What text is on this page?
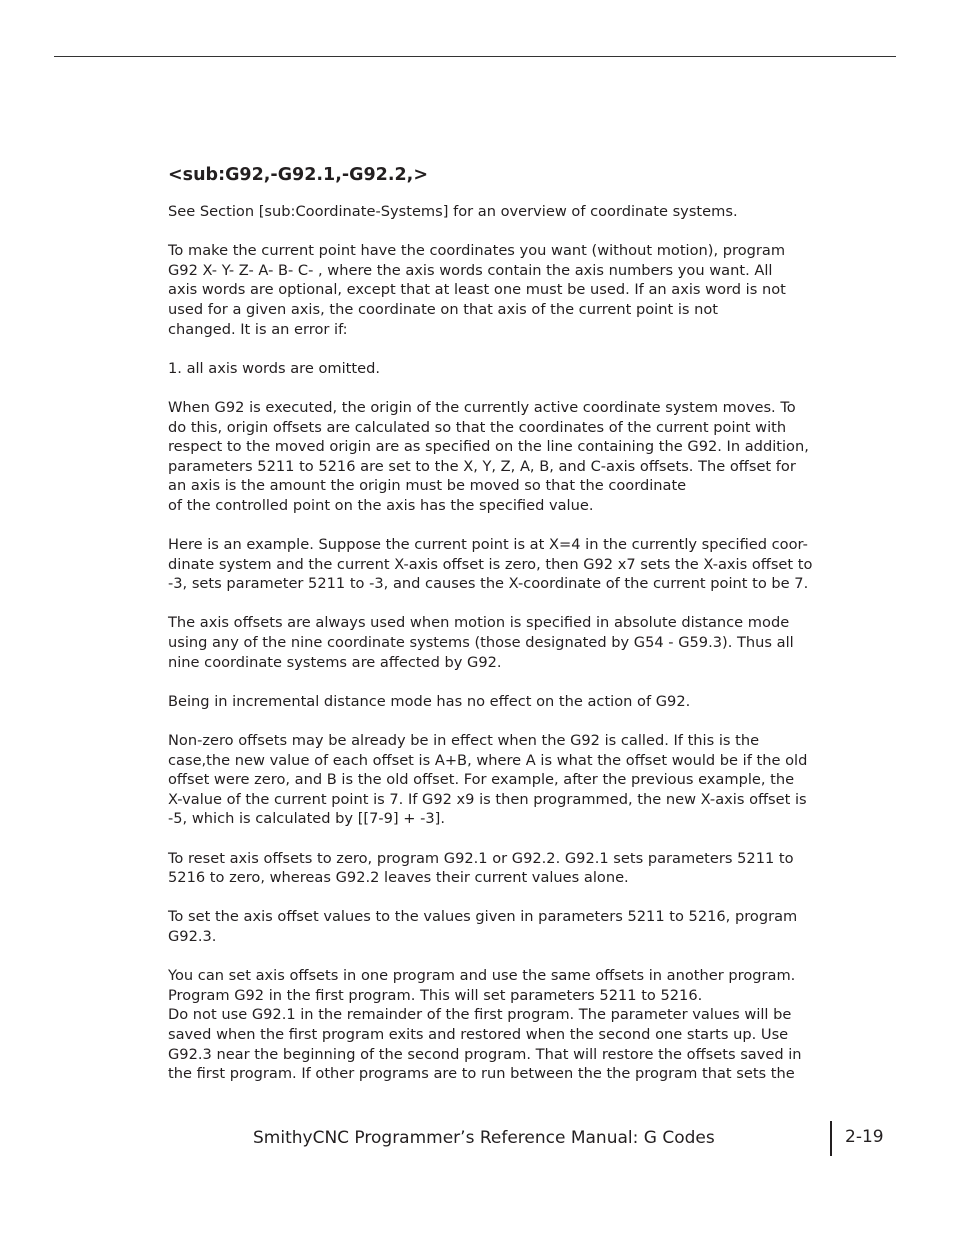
<sub:G92,-G92.1,-G92.2,>
See Section [sub:Coordinate-Systems] for an overview of coordinate systems.
To make the current point have the coordinates you want (without motion), program
G92 X- Y- Z- A- B- C- , where the axis words contain the axis numbers you want. All
axis words are optional, except that at least one must be used. If an axis word is not
used for a given axis, the coordinate on that axis of the current point is not
changed. It is an error if:
1. all axis words are omitted.
When G92 is executed, the origin of the currently active coordinate system moves. To
do this, origin offsets are calculated so that the coordinates of the current point with
respect to the moved origin are as specified on the line containing the G92. In addition,
parameters 5211 to 5216 are set to the X, Y, Z, A, B, and C-axis offsets. The offset for
an axis is the amount the origin must be moved so that the coordinate
of the controlled point on the axis has the specified value.
Here is an example. Suppose the current point is at X=4 in the currently specified coor-
dinate system and the current X-axis offset is zero, then G92 x7 sets the X-axis offset to
-3, sets parameter 5211 to -3, and causes the X-coordinate of the current point to be 7.
The axis offsets are always used when motion is specified in absolute distance mode
using any of the nine coordinate systems (those designated by G54 - G59.3). Thus all
nine coordinate systems are affected by G92.
Being in incremental distance mode has no effect on the action of G92.
Non-zero offsets may be already be in effect when the G92 is called. If this is the
case,the new value of each offset is A+B, where A is what the offset would be if the old
offset were zero, and B is the old offset. For example, after the previous example, the
X-value of the current point is 7. If G92 x9 is then programmed, the new X-axis offset is
-5, which is calculated by [[7-9] + -3].
To reset axis offsets to zero, program G92.1 or G92.2. G92.1 sets parameters 5211 to
5216 to zero, whereas G92.2 leaves their current values alone.
To set the axis offset values to the values given in parameters 5211 to 5216, program
G92.3.
You can set axis offsets in one program and use the same offsets in another program.
Program G92 in the first program. This will set parameters 5211 to 5216.
Do not use G92.1 in the remainder of the first program. The parameter values will be
saved when the first program exits and restored when the second one starts up. Use
G92.3 near the beginning of the second program. That will restore the offsets saved in
the first program. If other programs are to run between the the program that sets the
SmithyCNC Programmer’s Reference Manual: G Codes	2-19
